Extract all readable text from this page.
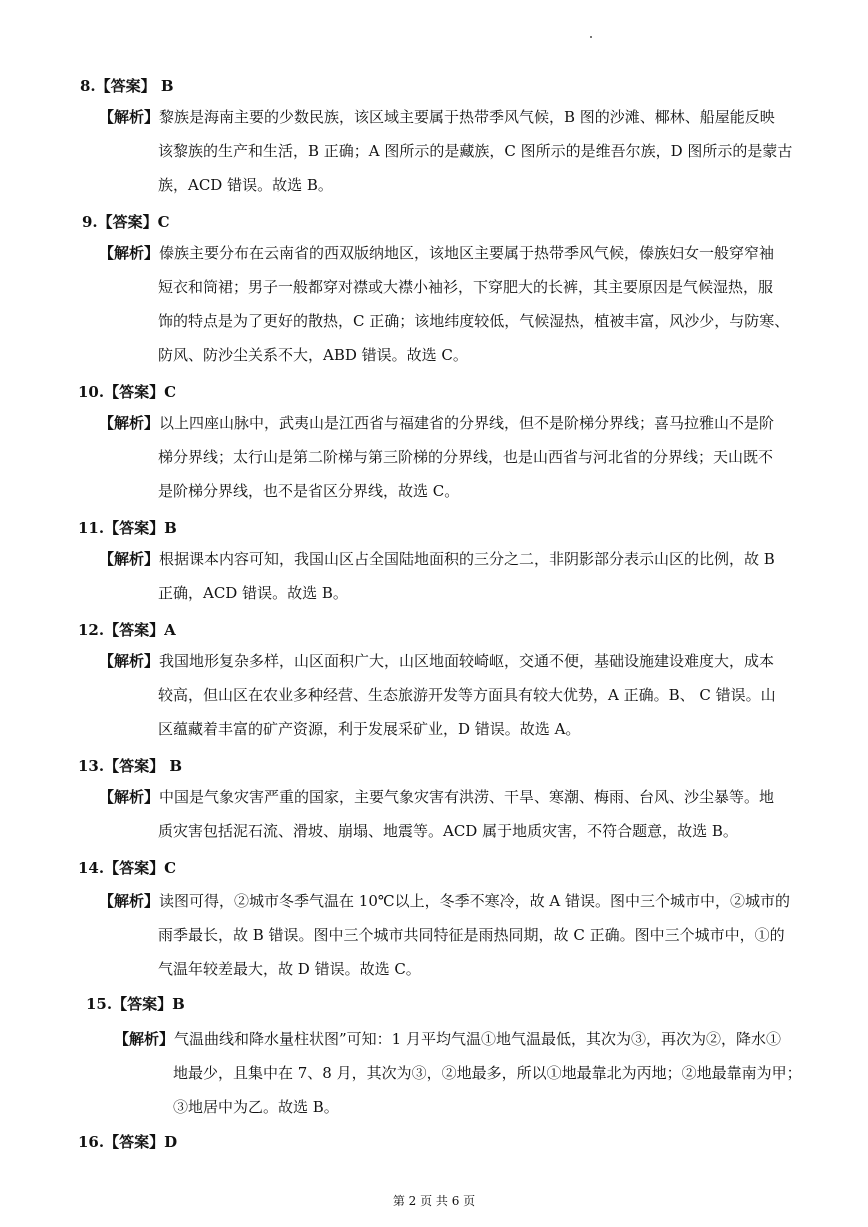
8.【答案】 B
【解析】黎族是海南主要的少数民族，该区域主要属于热带季风气候，B 图的沙滩、椰林、船屋能反映
该黎族的生产和生活，B 正确；A 图所示的是藏族，C 图所示的是维吾尔族，D 图所示的是蒙古
族，ACD 错误。故选 B。
9.【答案】C
【解析】傣族主要分布在云南省的西双版纳地区，该地区主要属于热带季风气候，傣族妇女一般穿窄袖
短衣和筒裙；男子一般都穿对襟或大襟小袖衫，下穿肥大的长裤，其主要原因是气候湿热，服
饰的特点是为了更好的散热，C 正确；该地纬度较低，气候湿热，植被丰富，风沙少，与防寒、
防风、防沙尘关系不大，ABD 错误。故选 C。
10.【答案】C
【解析】以上四座山脉中，武夷山是江西省与福建省的分界线，但不是阶梯分界线；喜马拉雅山不是阶
梯分界线；太行山是第二阶梯与第三阶梯的分界线，也是山西省与河北省的分界线；天山既不
是阶梯分界线，也不是省区分界线，故选 C。
11.【答案】B
【解析】根据课本内容可知，我国山区占全国陆地面积的三分之二，非阴影部分表示山区的比例，故 B
正确，ACD 错误。故选 B。
12.【答案】A
【解析】我国地形复杂多样，山区面积广大，山区地面较崎岖，交通不便，基础设施建设难度大，成本
较高，但山区在农业多种经营、生态旅游开发等方面具有较大优势，A 正确。B、 C 错误。山
区蕴藏着丰富的矿产资源，利于发展采矿业，D 错误。故选 A。
13.【答案】 B
【解析】中国是气象灾害严重的国家，主要气象灾害有洪涝、干旱、寒潮、梅雨、台风、沙尘暴等。地
质灾害包括泥石流、滑坡、崩塌、地震等。ACD 属于地质灾害，不符合题意，故选 B。
14.【答案】C
【解析】读图可得，②城市冬季气温在 10℃以上，冬季不寒冷，故 A 错误。图中三个城市中，②城市的
雨季最长，故 B 错误。图中三个城市共同特征是雨热同期，故 C 正确。图中三个城市中，①的
气温年较差最大，故 D 错误。故选 C。
15.【答案】B
【解析】气温曲线和降水量柱状图”可知：1 月平均气温①地气温最低，其次为③，再次为②，降水①
地最少，且集中在 7、8 月，其次为③，②地最多，所以①地最靠北为丙地；②地最靠南为甲；
③地居中为乙。故选 B。
16.【答案】D
第 2 页 共 6 页
